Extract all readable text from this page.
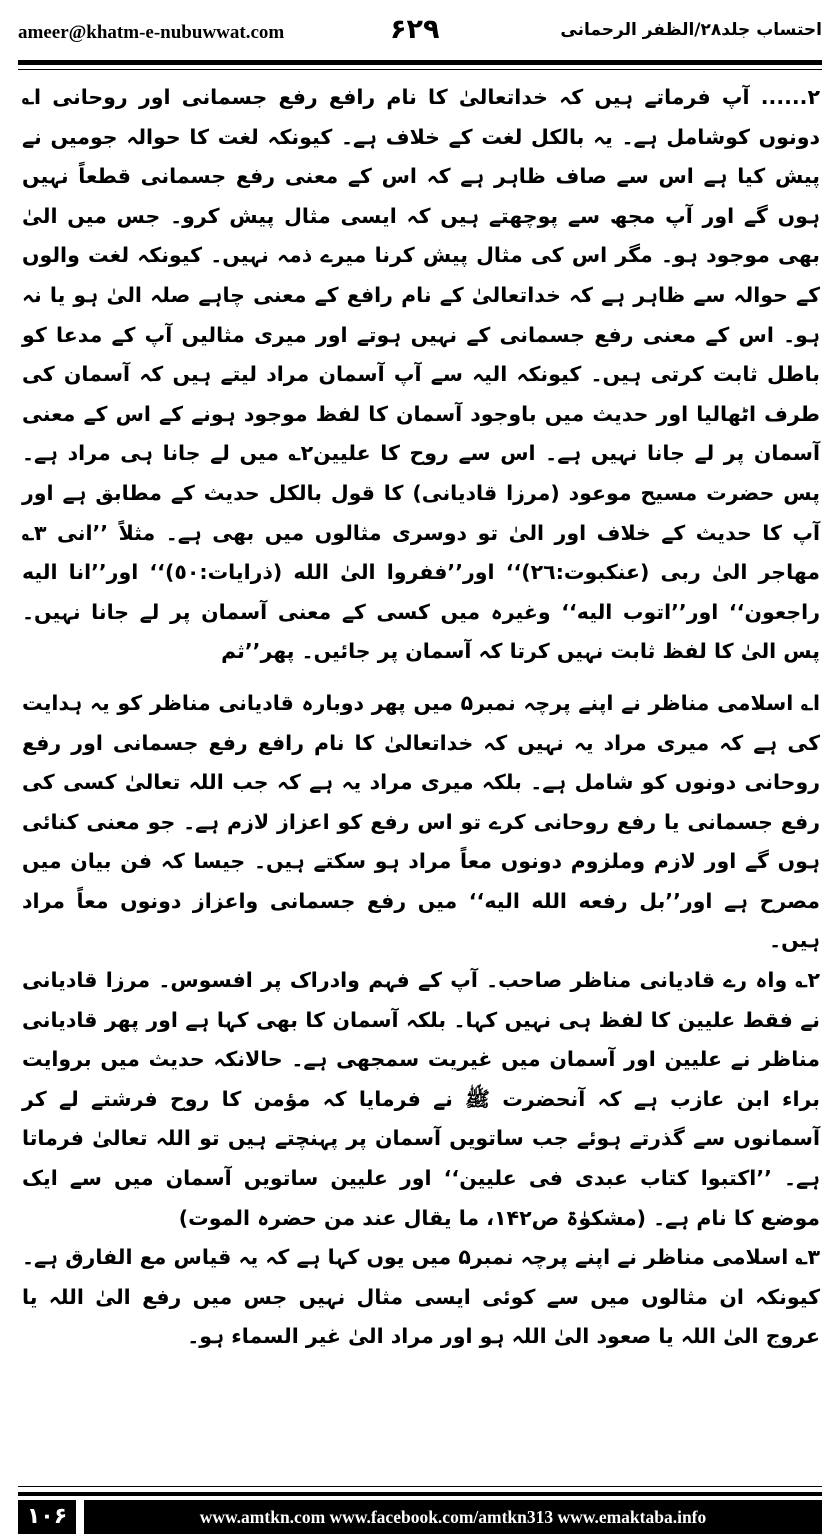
ameer@khatm-e-nubuwwat.com	۶۲۹	احتساب جلد۲۸/الظفر الرحمانی

۲...... آپ فرماتے ہیں کہ خداتعالیٰ کا نام رافع رفع جسمانی اور روحانی ا؎ دونوں کوشامل ہے۔ یہ بالکل لغت کے خلاف ہے۔ کیونکہ لغت کا حوالہ جومیں نے پیش کیا ہے اس سے صاف ظاہر ہے کہ اس کے معنی رفع جسمانی قطعاً نہیں ہوں گے اور آپ مجھ سے پوچھتے ہیں کہ ایسی مثال پیش کرو۔ جس میں الیٰ بھی موجود ہو۔ مگر اس کی مثال پیش کرنا میرے ذمہ نہیں۔ کیونکہ لغت والوں کے حوالہ سے ظاہر ہے کہ خداتعالیٰ کے نام رافع کے معنی چاہے صلہ الیٰ ہو یا نہ ہو۔ اس کے معنی رفع جسمانی کے نہیں ہوتے اور میری مثالیں آپ کے مدعا کو باطل ثابت کرتی ہیں۔ کیونکہ الیہ سے آپ آسمان مراد لیتے ہیں کہ آسمان کی طرف اٹھالیا اور حدیث میں باوجود آسمان کا لفظ موجود ہونے کے اس کے معنی آسمان پر لے جانا نہیں ہے۔ اس سے روح کا علیین۲؎ میں لے جانا ہی مراد ہے۔ پس حضرت مسیح موعود (مرزا قادیانی) کا قول بالکل حدیث کے مطابق ہے اور آپ کا حدیث کے خلاف اور الیٰ تو دوسری مثالوں میں بھی ہے۔ مثلاً ’’انی ۳؎ مهاجر الیٰ ربی (عنکبوت:٢٦)‘‘ اور’’ففروا الیٰ الله (ذرایات:٥٠)‘‘ اور’’انا الیه راجعون‘‘ اور’’اتوب الیه‘‘ وغیرہ میں کسی کے معنی آسمان پر لے جانا نہیں۔ پس الیٰ کا لفظ ثابت نہیں کرتا کہ آسمان پر جائیں۔ پھر’’ثم

ا؎ اسلامی مناظر نے اپنے پرچہ نمبر۵ میں پھر دوبارہ قادیانی مناظر کو یہ ہدایت کی ہے کہ میری مراد یہ نہیں کہ خداتعالیٰ کا نام رافع رفع جسمانی اور رفع روحانی دونوں کو شامل ہے۔ بلکہ میری مراد یہ ہے کہ جب اللہ تعالیٰ کسی کی رفع جسمانی یا رفع روحانی کرے تو اس رفع کو اعزاز لازم ہے۔ جو معنی کنائی ہوں گے اور لازم وملزوم دونوں معاً مراد ہو سکتے ہیں۔ جیسا کہ فن بیان میں مصرح ہے اور’’بل رفعه الله الیه‘‘ میں رفع جسمانی واعزاز دونوں معاً مراد ہیں۔

۲؎ واہ رے قادیانی مناظر صاحب۔ آپ کے فہم وادراک پر افسوس۔ مرزا قادیانی نے فقط علیین کا لفظ ہی نہیں کہا۔ بلکہ آسمان کا بھی کہا ہے اور پھر قادیانی مناظر نے علیین اور آسمان میں غیریت سمجھی ہے۔ حالانکہ حدیث میں بروایت براء ابن عازب ہے کہ آنحضرت ﷺ نے فرمایا کہ مؤمن کا روح فرشتے لے کر آسمانوں سے گذرتے ہوئے جب ساتویں آسمان پر پہنچتے ہیں تو اللہ تعالیٰ فرماتا ہے۔ ’’اکتبوا کتاب عبدی فی علیین‘‘ اور علیین ساتویں آسمان میں سے ایک موضع کا نام ہے۔ (مشکوٰۃ ص۱۴۲، ما یقال عند من حضرہ الموت)

۳؎ اسلامی مناظر نے اپنے پرچہ نمبر۵ میں یوں کہا ہے کہ یہ قیاس مع الفارق ہے۔ کیونکہ ان مثالوں میں سے کوئی ایسی مثال نہیں جس میں رفع الیٰ اللہ یا عروج الیٰ اللہ یا صعود الیٰ اللہ ہو اور مراد الیٰ غیر السماء ہو۔

۱۰۶	www.amtkn.com www.facebook.com/amtkn313 www.emaktaba.info
